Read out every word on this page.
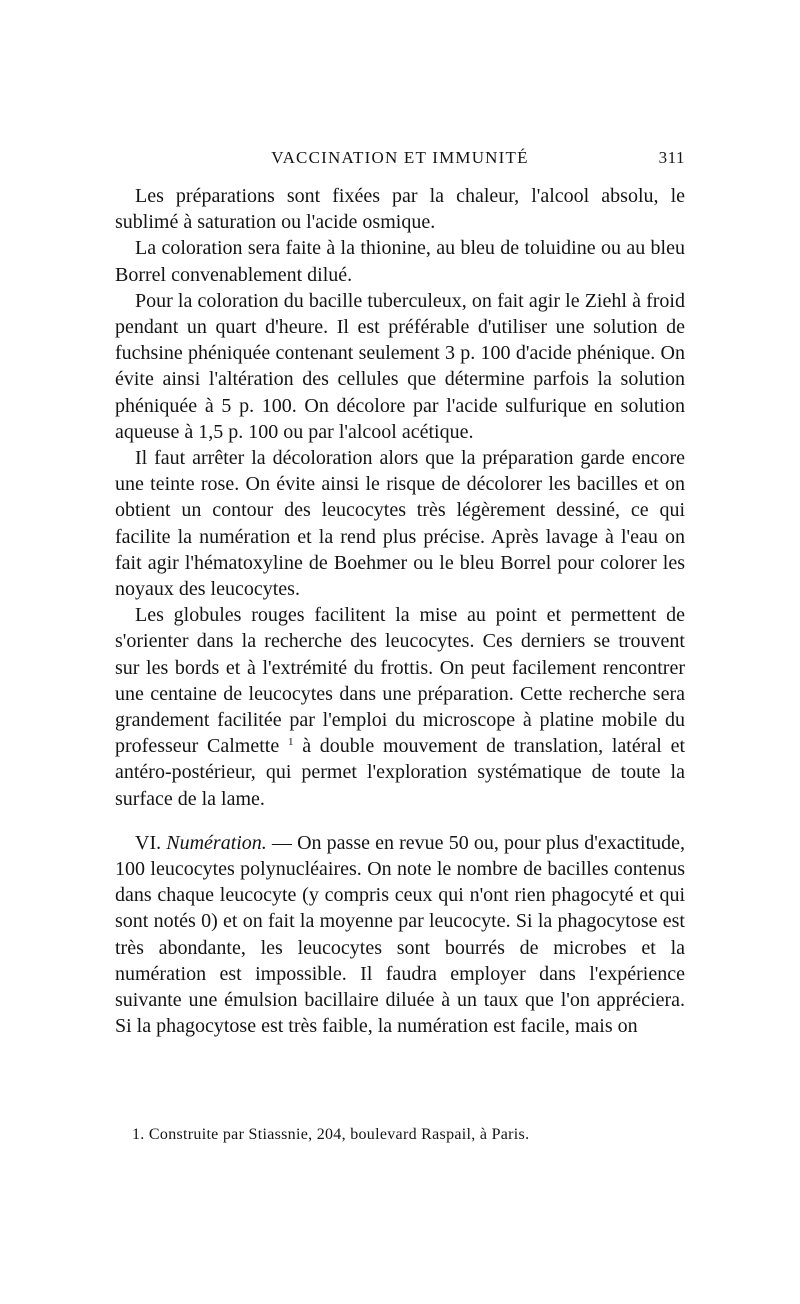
VACCINATION ET IMMUNITÉ	311

Les préparations sont fixées par la chaleur, l'alcool absolu, le sublimé à saturation ou l'acide osmique.

La coloration sera faite à la thionine, au bleu de toluidine ou au bleu Borrel convenablement dilué.

Pour la coloration du bacille tuberculeux, on fait agir le Ziehl à froid pendant un quart d'heure. Il est préférable d'utiliser une solution de fuchsine phéniquée contenant seulement 3 p. 100 d'acide phénique. On évite ainsi l'altération des cellules que détermine parfois la solution phéniquée à 5 p. 100. On décolore par l'acide sulfurique en solution aqueuse à 1,5 p. 100 ou par l'alcool acétique.

Il faut arrêter la décoloration alors que la préparation garde encore une teinte rose. On évite ainsi le risque de décolorer les bacilles et on obtient un contour des leucocytes très légèrement dessiné, ce qui facilite la numération et la rend plus précise. Après lavage à l'eau on fait agir l'hématoxyline de Boehmer ou le bleu Borrel pour colorer les noyaux des leucocytes.

Les globules rouges facilitent la mise au point et permettent de s'orienter dans la recherche des leucocytes. Ces derniers se trouvent sur les bords et à l'extrémité du frottis. On peut facilement rencontrer une centaine de leucocytes dans une préparation. Cette recherche sera grandement facilitée par l'emploi du microscope à platine mobile du professeur Calmette $^1$ à double mouvement de translation, latéral et antéro-postérieur, qui permet l'exploration systématique de toute la surface de la lame.

VI. Numération. — On passe en revue 50 ou, pour plus d'exactitude, 100 leucocytes polynucléaires. On note le nombre de bacilles contenus dans chaque leucocyte (y compris ceux qui n'ont rien phagocyté et qui sont notés 0) et on fait la moyenne par leucocyte. Si la phagocytose est très abondante, les leucocytes sont bourrés de microbes et la numération est impossible. Il faudra employer dans l'expérience suivante une émulsion bacillaire diluée à un taux que l'on appréciera. Si la phagocytose est très faible, la numération est facile, mais on

1. Construite par Stiassnie, 204, boulevard Raspail, à Paris.
